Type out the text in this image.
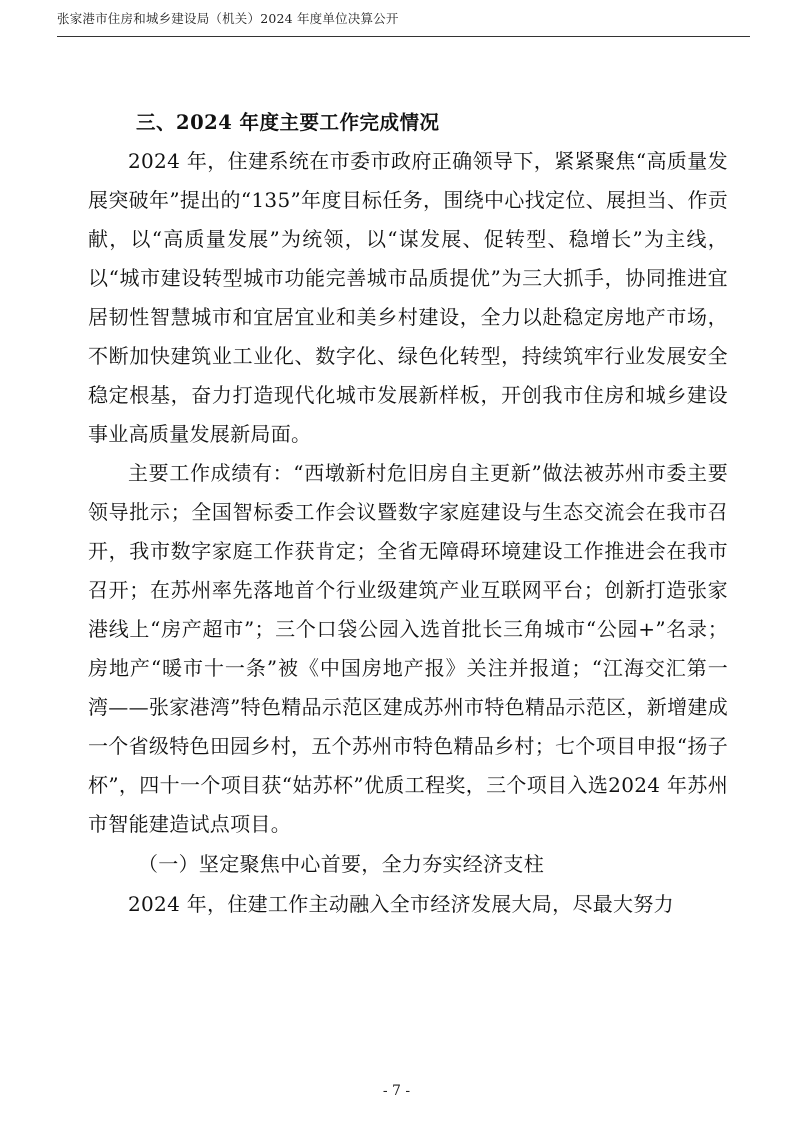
张家港市住房和城乡建设局（机关）2024 年度单位决算公开
三、2024 年度主要工作完成情况

2024 年，住建系统在市委市政府正确领导下，紧紧聚焦“高质量发展突破年”提出的“135”年度目标任务，围绕中心找定位、展担当、作贡献，以“高质量发展”为统领，以“谋发展、促转型、稳增长”为主线，以“城市建设转型城市功能完善城市品质提优”为三大抓手，协同推进宜居韧性智慧城市和宜居宜业和美乡村建设，全力以赴稳定房地产市场，不断加快建筑业工业化、数字化、绿色化转型，持续筑牢行业发展安全稳定根基，奋力打造现代化城市发展新样板，开创我市住房和城乡建设事业高质量发展新局面。

主要工作成绩有：“西墩新村危旧房自主更新”做法被苏州市委主要领导批示；全国智标委工作会议暨数字家庭建设与生态交流会在我市召开，我市数字家庭工作获肯定；全省无障碍环境建设工作推进会在我市召开；在苏州率先落地首个行业级建筑产业互联网平台；创新打造张家港线上“房产超市”；三个口袋公园入选首批长三角城市“公园+”名录；房地产“暖市十一条”被《中国房地产报》关注并报道；“江海交汇第一湾——张家港湾”特色精品示范区建成苏州市特色精品示范区，新增建成一个省级特色田园乡村，五个苏州市特色精品乡村；七个项目申报“扬子杯”，四十一个项目获“姑苏杯”优质工程奖，三个项目入选2024 年苏州市智能建造试点项目。

（一）坚定聚焦中心首要，全力夯实经济支柱

2024 年，住建工作主动融入全市经济发展大局，尽最大努力

- 7 -
